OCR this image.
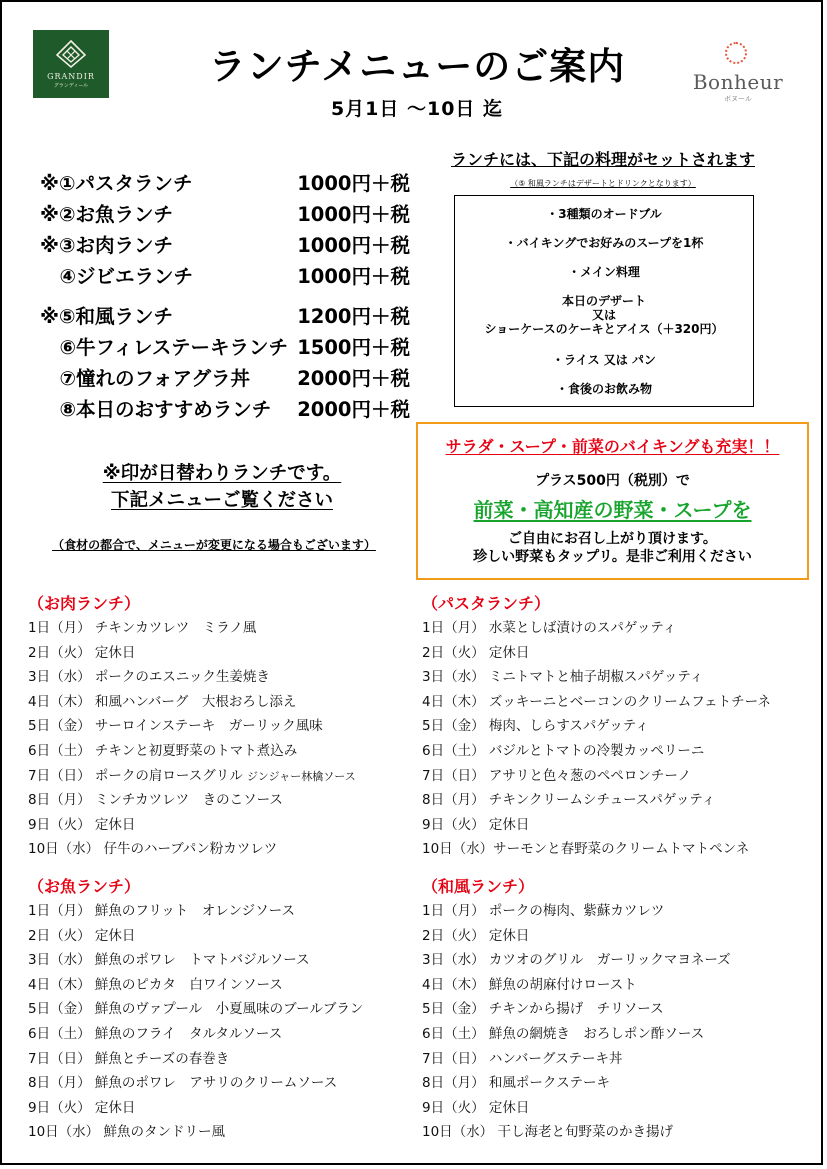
GRANDIR
グランディール	ランチメニューのご案内
5月1日 ～10日 迄
Bonheur
ボヌール
※①パスタランチ	1000円＋税
※②お魚ランチ	1000円＋税
※③お肉ランチ	1000円＋税
　④ジビエランチ	1000円＋税
※⑤和風ランチ	1200円＋税
　⑥牛フィレステーキランチ 1500円＋税
　⑦憧れのフォアグラ丼 2000円＋税
　⑧本日のおすすめランチ 2000円＋税
※印が日替わりランチです。
下記メニューご覧ください
（食材の都合で、メニューが変更になる場合もございます）
ランチには、下記の料理がセットされます
（⑤ 和風ランチはデザートとドリンクとなります）
・3種類のオードブル
・バイキングでお好みのスープを1杯
・メイン料理
本日のデザート
又は
ショーケースのケーキとアイス（＋320円）
・ライス 又は パン
・食後のお飲み物
サラダ・スープ・前菜のバイキングも充実！！
プラス500円（税別）で
前菜・高知産の野菜・スープを
ご自由にお召し上がり頂けます。
珍しい野菜もタップリ。是非ご利用ください
（お肉ランチ）
1日（月） チキンカツレツ　ミラノ風
2日（火） 定休日
3日（水） ポークのエスニック生姜焼き
4日（木） 和風ハンバーグ　大根おろし添え
5日（金） サーロインステーキ　ガーリック風味
6日（土） チキンと初夏野菜のトマト煮込み
7日（日） ポークの肩ロースグリル ジンジャー林檎ソース
8日（月） ミンチカツレツ　きのこソース
9日（火） 定休日
10日（水） 仔牛のハーブパン粉カツレツ
（パスタランチ）
1日（月） 水菜としば漬けのスパゲッティ
2日（火） 定休日
3日（水） ミニトマトと柚子胡椒スパゲッティ
4日（木） ズッキーニとベーコンのクリームフェトチーネ
5日（金） 梅肉、しらすスパゲッティ
6日（土） バジルとトマトの冷製カッペリーニ
7日（日） アサリと色々葱のペペロンチーノ
8日（月） チキンクリームシチュースパゲッティ
9日（火） 定休日
10日（水）サーモンと春野菜のクリームトマトペンネ
（お魚ランチ）
1日（月） 鮮魚のフリット　オレンジソース
2日（火） 定休日
3日（水） 鮮魚のポワレ　トマトバジルソース
4日（木） 鮮魚のピカタ　白ワインソース
5日（金） 鮮魚のヴァプール　小夏風味のブールブラン
6日（土） 鮮魚のフライ　タルタルソース
7日（日） 鮮魚とチーズの春巻き
8日（月） 鮮魚のポワレ　アサリのクリームソース
9日（火） 定休日
10日（水） 鮮魚のタンドリー風
（和風ランチ）
1日（月） ポークの梅肉、紫蘇カツレツ
2日（火） 定休日
3日（水） カツオのグリル　ガーリックマヨネーズ
4日（木） 鮮魚の胡麻付けロースト
5日（金） チキンから揚げ　チリソース
6日（土） 鮮魚の網焼き　おろしポン酢ソース
7日（日） ハンバーグステーキ丼
8日（月） 和風ポークステーキ
9日（火） 定休日
10日（水） 干し海老と旬野菜のかき揚げ
